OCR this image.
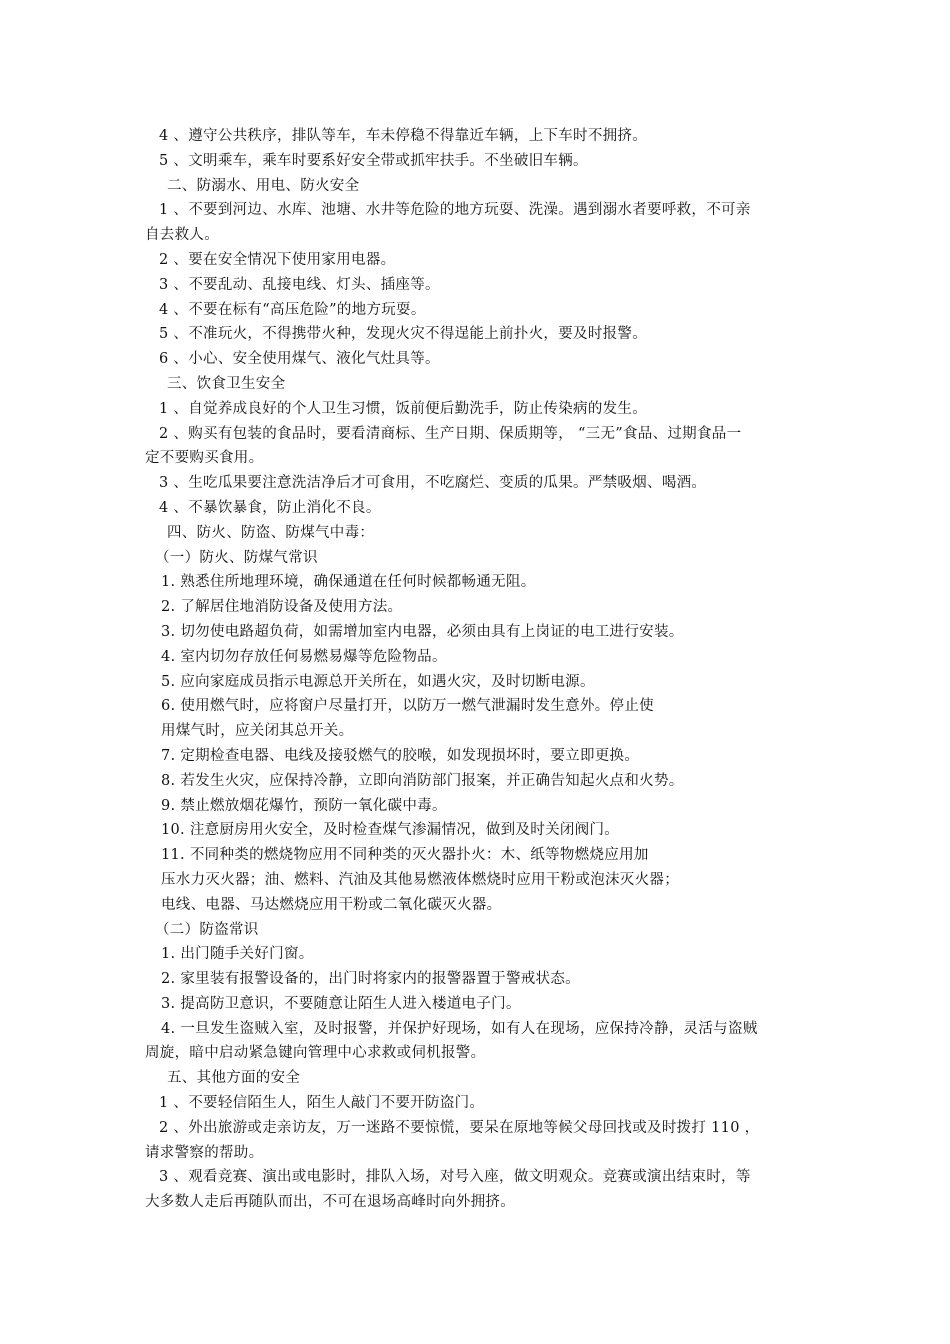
4 、遵守公共秩序，排队等车，车未停稳不得靠近车辆，上下车时不拥挤。
5 、文明乘车，乘车时要系好安全带或抓牢扶手。不坐破旧车辆。
二、防溺水、用电、防火安全
1 、不要到河边、水库、池塘、水井等危险的地方玩耍、洗澡。遇到溺水者要呼救，不可亲
自去救人。
2 、要在安全情况下使用家用电器。
3 、不要乱动、乱接电线、灯头、插座等。
4 、不要在标有“高压危险”的地方玩耍。
5 、不准玩火，不得携带火种，发现火灾不得逞能上前扑火，要及时报警。
6 、小心、安全使用煤气、液化气灶具等。
三、饮食卫生安全
1 、自觉养成良好的个人卫生习惯，饭前便后勤洗手，防止传染病的发生。
2 、购买有包装的食品时，要看清商标、生产日期、保质期等， “三无”食品、过期食品一
定不要购买食用。
3 、生吃瓜果要注意洗洁净后才可食用，不吃腐烂、变质的瓜果。严禁吸烟、喝酒。
4 、不暴饮暴食，防止消化不良。
四、防火、防盗、防煤气中毒：
（一）防火、防煤气常识
1. 熟悉住所地理环境，确保通道在任何时候都畅通无阻。
2. 了解居住地消防设备及使用方法。
3. 切勿使电路超负荷，如需增加室内电器，必须由具有上岗证的电工进行安装。
4. 室内切勿存放任何易燃易爆等危险物品。
5. 应向家庭成员指示电源总开关所在，如遇火灾，及时切断电源。
6. 使用燃气时，应将窗户尽量打开，以防万一燃气泄漏时发生意外。停止使
用煤气时，应关闭其总开关。
7. 定期检查电器、电线及接驳燃气的胶喉，如发现损坏时，要立即更换。
8. 若发生火灾，应保持冷静，立即向消防部门报案，并正确告知起火点和火势。
9. 禁止燃放烟花爆竹，预防一氧化碳中毒。
10. 注意厨房用火安全，及时检查煤气渗漏情况，做到及时关闭阀门。
11. 不同种类的燃烧物应用不同种类的灭火器扑火：木、纸等物燃烧应用加
压水力灭火器；油、燃料、汽油及其他易燃液体燃烧时应用干粉或泡沫灭火器；
电线、电器、马达燃烧应用干粉或二氧化碳灭火器。
（二）防盗常识
1. 出门随手关好门窗。
2. 家里装有报警设备的，出门时将家内的报警器置于警戒状态。
3. 提高防卫意识，不要随意让陌生人进入楼道电子门。
4. 一旦发生盗贼入室，及时报警，并保护好现场，如有人在现场，应保持冷静，灵活与盗贼
周旋，暗中启动紧急键向管理中心求救或伺机报警。
五、其他方面的安全
1 、不要轻信陌生人，陌生人敲门不要开防盗门。
2 、外出旅游或走亲访友，万一迷路不要惊慌，要呆在原地等候父母回找或及时拨打 110 ，
请求警察的帮助。
3 、观看竞赛、演出或电影时，排队入场，对号入座，做文明观众。竞赛或演出结束时，等
大多数人走后再随队而出，不可在退场高峰时向外拥挤。
